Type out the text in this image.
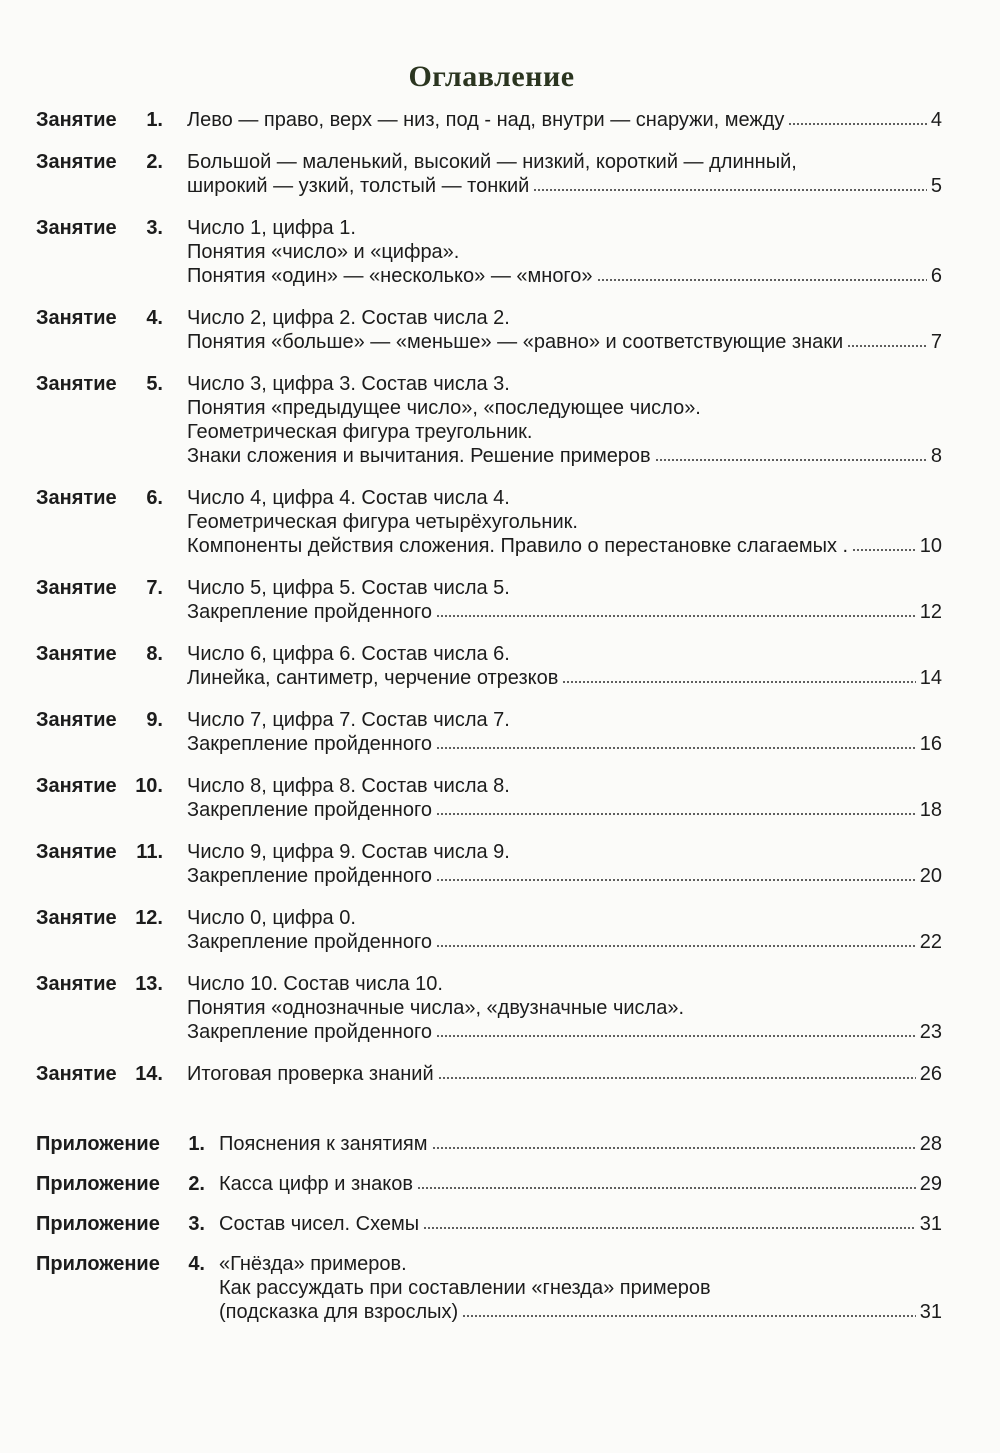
Оглавление
Занятие 1. Лево — право, верх — низ, под - над, внутри — снаружи, между	4
Занятие 2. Большой — маленький, высокий — низкий, короткий — длинный,
широкий — узкий, толстый — тонкий	5
Занятие 3. Число 1, цифра 1.
Понятия «число» и «цифра».
Понятия «один» — «несколько» — «много»	6
Занятие 4. Число 2, цифра 2. Состав числа 2.
Понятия «больше» — «меньше» — «равно» и соответствующие знаки	7
Занятие 5. Число 3, цифра 3. Состав числа 3.
Понятия «предыдущее число», «последующее число».
Геометрическая фигура треугольник.
Знаки сложения и вычитания. Решение примеров	8
Занятие 6. Число 4, цифра 4. Состав числа 4.
Геометрическая фигура четырёхугольник.
Компоненты действия сложения. Правило о перестановке слагаемых .	10
Занятие 7. Число 5, цифра 5. Состав числа 5.
Закрепление пройденного	12
Занятие 8. Число 6, цифра 6. Состав числа 6.
Линейка, сантиметр, черчение отрезков	14
Занятие 9. Число 7, цифра 7. Состав числа 7.
Закрепление пройденного	16
Занятие 10. Число 8, цифра 8. Состав числа 8.
Закрепление пройденного	18
Занятие 11. Число 9, цифра 9. Состав числа 9.
Закрепление пройденного	20
Занятие 12. Число 0, цифра 0.
Закрепление пройденного	22
Занятие 13. Число 10. Состав числа 10.
Понятия «однозначные числа», «двузначные числа».
Закрепление пройденного	23
Занятие 14. Итоговая проверка знаний	26
Приложение 1. Пояснения к занятиям	28
Приложение 2. Касса цифр и знаков	29
Приложение 3. Состав чисел. Схемы	31
Приложение 4. «Гнёзда» примеров.
Как рассуждать при составлении «гнезда» примеров
(подсказка для взрослых)	31
